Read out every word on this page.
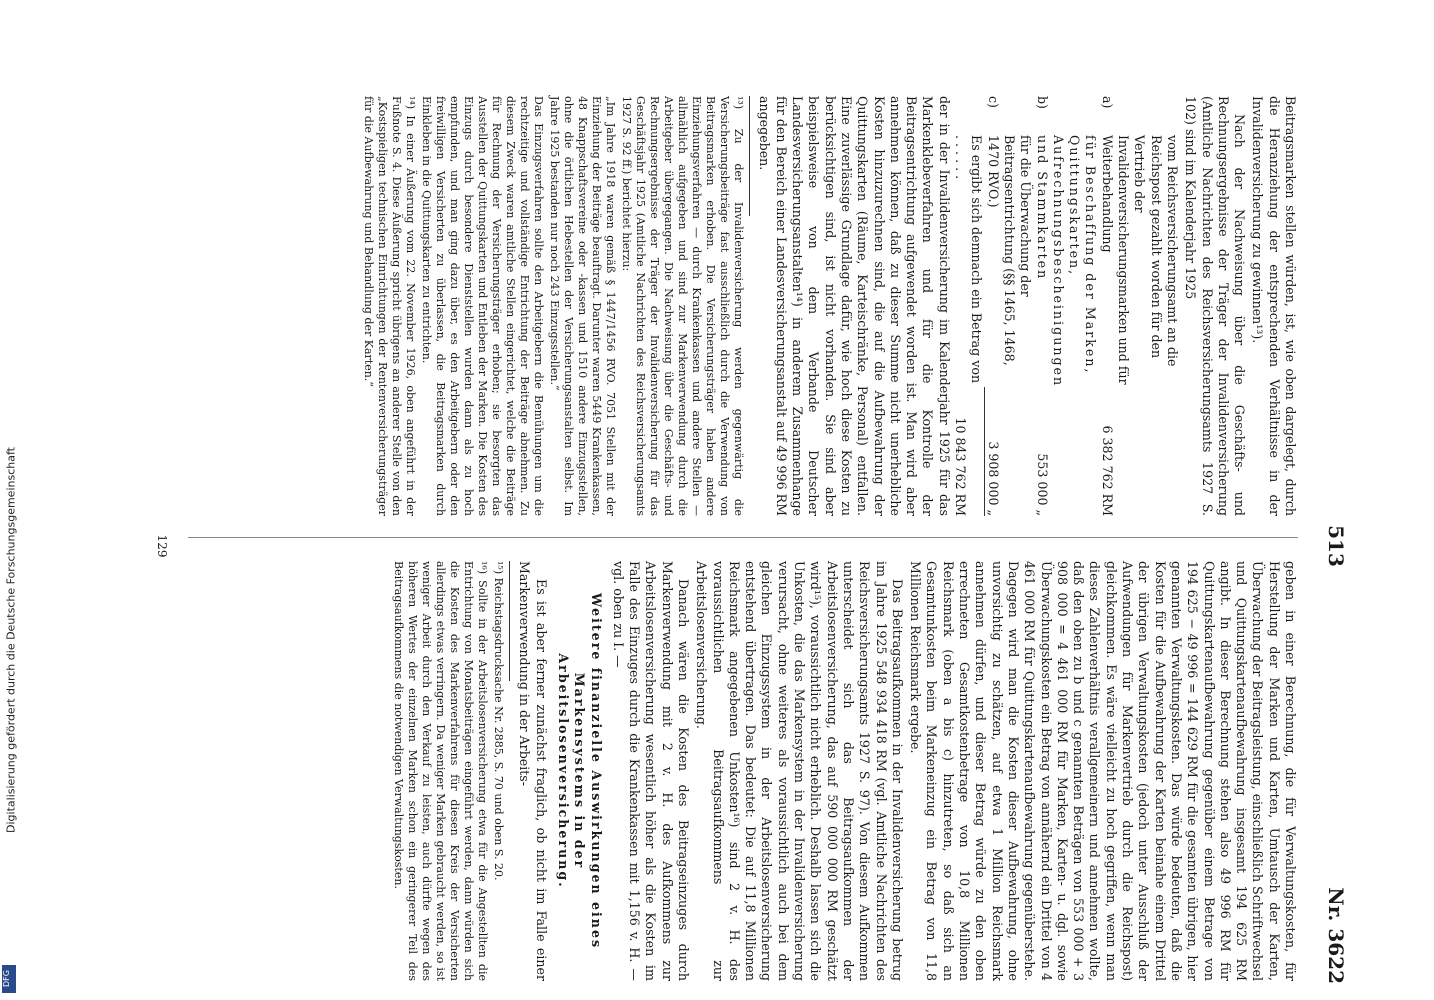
Digitalisierung gefördert durch die Deutsche Forschungsgemeinschaft
DFG
513
Nr. 3622

Beitragsmarken stellen würden, ist, wie oben dargelegt, durch die Heranziehung der entsprechenden Verhältnisse in der Invalidenversicherung zu gewinnen¹³).

Nach der Nachweisung über die Geschäfts- und Rechnungsergebnisse der Träger der Invalidenversicherung (Amtliche Nachrichten des Reichsversicherungsamts 1927 S. 102) sind im Kalenderjahr 1925

a)	vom Reichsversicherungsamt an die Reichspost gezahlt worden für den Vertrieb der Invalidenversicherungsmarken und für Weiterbehandlung	6 382 762 RM
b)	für Beschaffung der Marken, Quittungskarten, Aufrechnungsbescheinigungen und Stammkarten	553 000 „
c)	für die Überwachung der Beitragsentrichtung (§§ 1465, 1468, 1470 RVO.)	3 908 000 „
	Es ergibt sich demnach ein Betrag von . . . . . .	10 843 762 RM

der in der Invalidenversicherung im Kalenderjahr 1925 für das Markenklebeverfahren und für die Kontrolle der Beitragsentrichtung aufgewendet worden ist. Man wird aber annehmen können, daß zu dieser Summe nicht unerhebliche Kosten hinzuzurechnen sind, die auf die Aufbewahrung der Quittungskarten (Räume, Karteischränke, Personal) entfallen. Eine zuverlässige Grundlage dafür, wie hoch diese Kosten zu berücksichtigen sind, ist nicht vorhanden. Sie sind aber beispielsweise von dem Verbande Deutscher Landesversicherungsanstalten¹⁴) in anderem Zusammenhange für den Bereich einer Landesversicherungsanstalt auf 49 996 RM angegeben.

¹³) Zu der Invalidenversicherung werden gegenwärtig die Versicherungsbeiträge fast ausschließlich durch die Verwendung von Beitragsmarken erhoben. Die Versicherungsträger haben andere Einziehungsverfahren — durch Krankenkassen und andere Stellen — allmählich aufgegeben und sind zur Markenverwendung durch die Arbeitgeber übergegangen. Die Nachweisung über die Geschäfts- und Rechnungsergebnisse der Träger der Invalidenversicherung für das Geschäftsjahr 1925 (Amtliche Nachrichten des Reichsversicherungsamts 1927 S. 92 ff.) berichtet hierzu:

„Im Jahre 1918 waren gemäß § 1447/1456 RVO. 7051 Stellen mit der Einziehung der Beiträge beauftragt. Darunter waren 5449 Krankenkassen, 48 Knappschaftsvereine oder -kassen und 1510 andere Einzugsstellen, ohne die örtlichen Hebestellen der Versicherungsanstalten selbst. Im Jahre 1925 bestanden nur noch 243 Einzugsstellen.“

Das Einzugsverfahren sollte den Arbeitgebern die Bemühungen um die rechtzeitige und vollständige Entrichtung der Beiträge abnehmen. Zu diesem Zweck waren amtliche Stellen eingerichtet, welche die Beiträge für Rechnung der Versicherungsträger erhoben; sie besorgten das Ausstellen der Quittungskarten und Entleben der Marken. Die Kosten des Einzugs durch besondere Dienststellen wurden dann als zu hoch empfunden, und man ging dazu über, es den Arbeitgebern oder den freiwilligen Versicherten zu überlassen, die Beitragsmarken durch Einkleben in die Quittungskarten zu entrichten.

¹⁴) In einer Äußerung vom 22. November 1926, oben angeführt in der Fußnote S. 4. Diese Äußerung spricht übrigens an anderer Stelle von den „Kostspieligen technischen Einrichtungen der Rentenversicherungsträger für die Aufbewahrung und Behandlung der Karten.“

geben in einer Berechnung, die für Verwaltungskosten, für Herstellung der Marken und Karten, Umtausch der Karten, Überwachung der Beitragsleistung, einschließlich Schriftwechsel und Quittungskartenaufbewahrung insgesamt 194 625 RM angibt. In dieser Berechnung stehen also 49 996 RM für Quittungskartenaufbewahrung gegenüber einem Betrage von 194 625 − 49 996 = 144 629 RM für die gesamten übrigen, hier genannten Verwaltungskosten. Das würde bedeuten, daß die Kosten für die Aufbewahrung der Karten beinahe einem Drittel der übrigen Verwaltungskosten (jedoch unter Ausschluß der Aufwendungen für Markenvertrieb durch die Reichspost) gleichkommen. Es wäre vielleicht zu hoch gegriffen, wenn man dieses Zahlenverhältnis verallgemeinern und annehmen wollte, daß den oben zu b und c genannten Beträgen von 553 000 + 3 908 000 = 4 461 000 RM für Marken, Karten- u. dgl. sowie Überwachungskosten ein Betrag von annähernd ein Drittel von 4 461 000 RM für Quittungskartenaufbewahrung gegenüberstehe. Dagegen wird man die Kosten dieser Aufbewahrung, ohne unvorsichtig zu schätzen, auf etwa 1 Million Reichsmark annehmen dürfen, und dieser Betrag würde zu den oben errechneten Gesamtkostenbetrage von 10,8 Millionen Reichsmark (oben a bis c) hinzutreten, so daß sich an Gesamtunkosten beim Markeneinzug ein Betrag von 11,8 Millionen Reichsmark ergebe.

Das Beitragsaufkommen in der Invalidenversicherung betrug im Jahre 1925 548 934 418 RM (vgl. Amtliche Nachrichten des Reichsversicherungsamts 1927 S. 97). Von diesem Aufkommen unterscheidet sich das Beitragsaufkommen der Arbeitslosenversicherung, das auf 590 000 000 RM geschätzt wird¹⁵), voraussichtlich nicht erheblich. Deshalb lassen sich die Unkosten, die das Markensystem in der Invalidenversicherung verursacht, ohne weiteres als voraussichtlich auch bei dem gleichen Einzugssystem in der Arbeitslosenversicherung entstehend übertragen. Das bedeutet: Die auf 11,8 Millionen Reichsmark angegebenen Unkosten¹⁶) sind 2 v. H. des voraussichtlichen Beitragsaufkommens zur Arbeitslosenversicherung.

Danach wären die Kosten des Beitragseinzuges durch Markenverwendung mit 2 v. H. des Aufkommens zur Arbeitslosenversicherung wesentlich höher als die Kosten im Falle des Einzuges durch die Krankenkassen mit 1,156 v. H. — vgl. oben zu I. —

Weitere finanzielle Auswirkungen eines Markensystems in der Arbeitslosenversicherung.

Es ist aber ferner zunächst fraglich, ob nicht im Falle einer Markenverwendung in der Arbeits-

¹⁵) Reichstagsdrucksache Nr. 2885, S. 70 und oben S. 20.

¹⁶) Sollte in der Arbeitslosenversicherung etwa für die Angestellten die Entrichtung von Monatsbeiträgen eingeführt werden, dann würden sich die Kosten des Markenverfahrens für diesen Kreis der Versicherten allerdings etwas verringern. Da weniger Marken gebraucht werden, so ist weniger Arbeit durch den Verkauf zu leisten, auch dürfte wegen des höheren Wertes der einzelnen Marken schon ein geringerer Teil des Beitragsaufkommens die notwendigen Verwaltungskosten.

129
